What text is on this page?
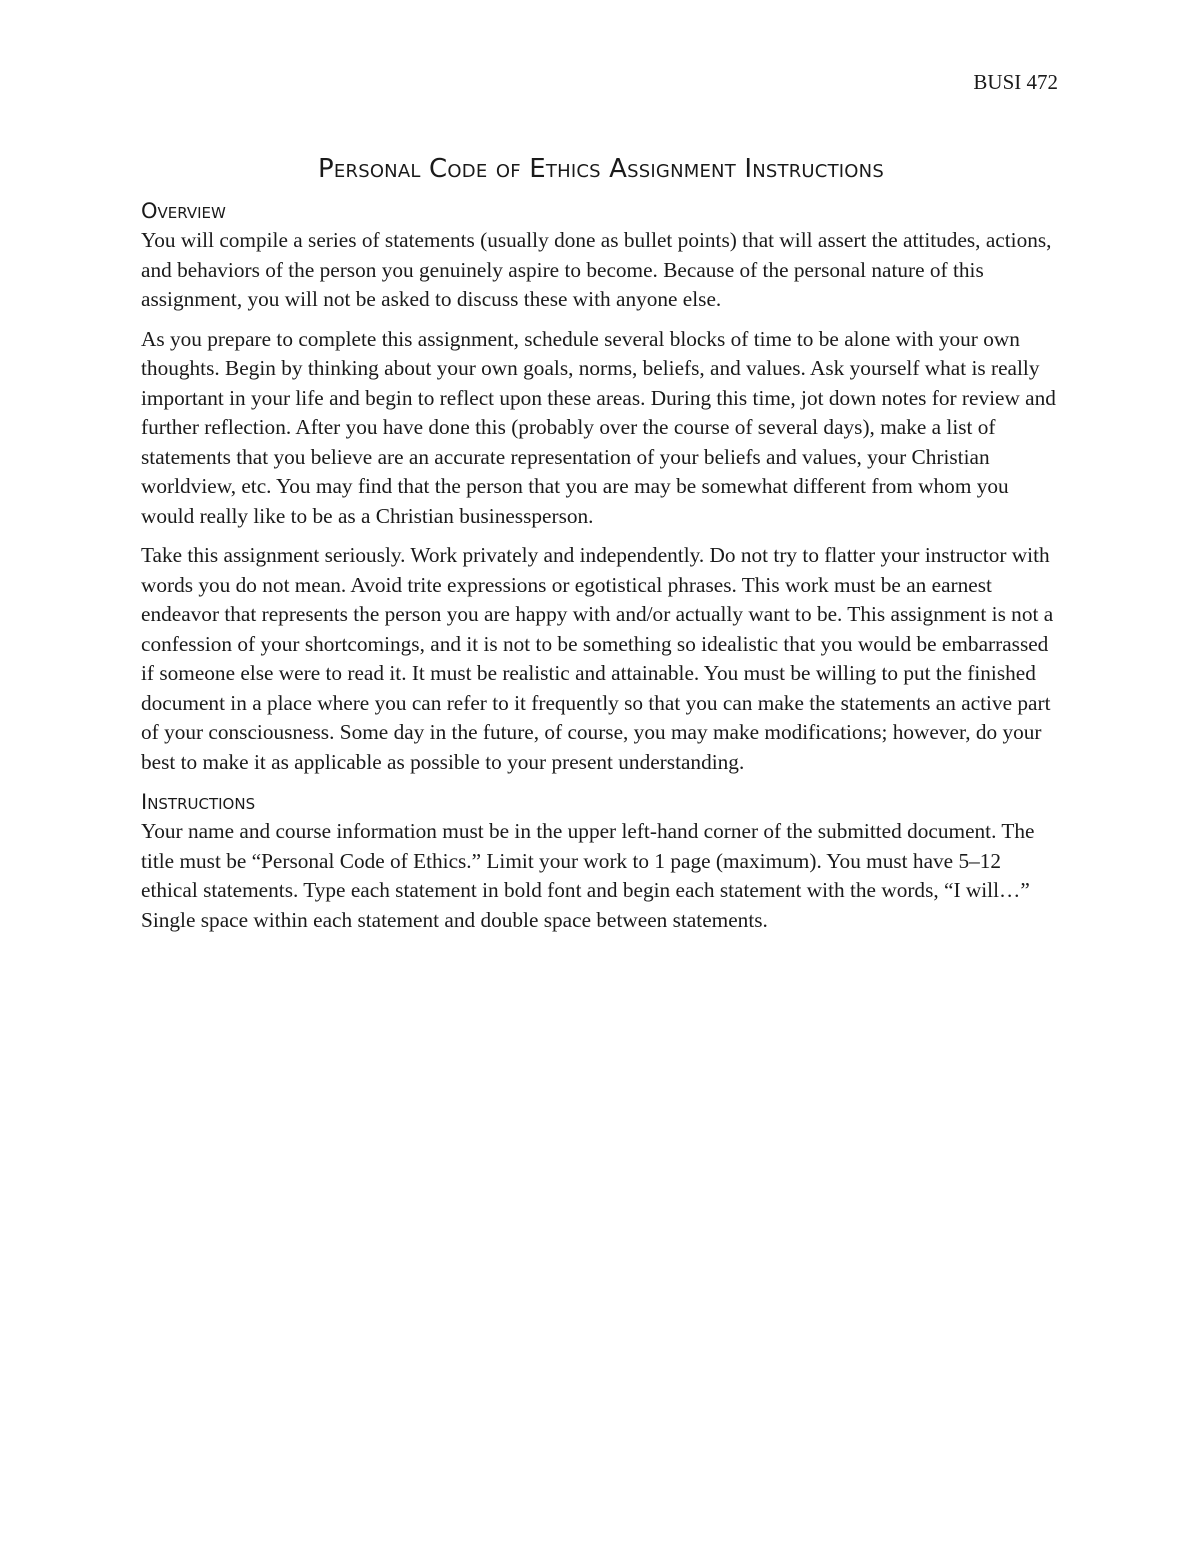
BUSI 472
Personal Code of Ethics Assignment Instructions
Overview

You will compile a series of statements (usually done as bullet points) that will assert the attitudes, actions, and behaviors of the person you genuinely aspire to become. Because of the personal nature of this assignment, you will not be asked to discuss these with anyone else.

As you prepare to complete this assignment, schedule several blocks of time to be alone with your own thoughts. Begin by thinking about your own goals, norms, beliefs, and values. Ask yourself what is really important in your life and begin to reflect upon these areas. During this time, jot down notes for review and further reflection. After you have done this (probably over the course of several days), make a list of statements that you believe are an accurate representation of your beliefs and values, your Christian worldview, etc. You may find that the person that you are may be somewhat different from whom you would really like to be as a Christian businessperson.

Take this assignment seriously. Work privately and independently. Do not try to flatter your instructor with words you do not mean. Avoid trite expressions or egotistical phrases. This work must be an earnest endeavor that represents the person you are happy with and/or actually want to be. This assignment is not a confession of your shortcomings, and it is not to be something so idealistic that you would be embarrassed if someone else were to read it. It must be realistic and attainable. You must be willing to put the finished document in a place where you can refer to it frequently so that you can make the statements an active part of your consciousness. Some day in the future, of course, you may make modifications; however, do your best to make it as applicable as possible to your present understanding.

Instructions

Your name and course information must be in the upper left-hand corner of the submitted document. The title must be “Personal Code of Ethics.” Limit your work to 1 page (maximum). You must have 5–12 ethical statements. Type each statement in bold font and begin each statement with the words, “I will…” Single space within each statement and double space between statements.
